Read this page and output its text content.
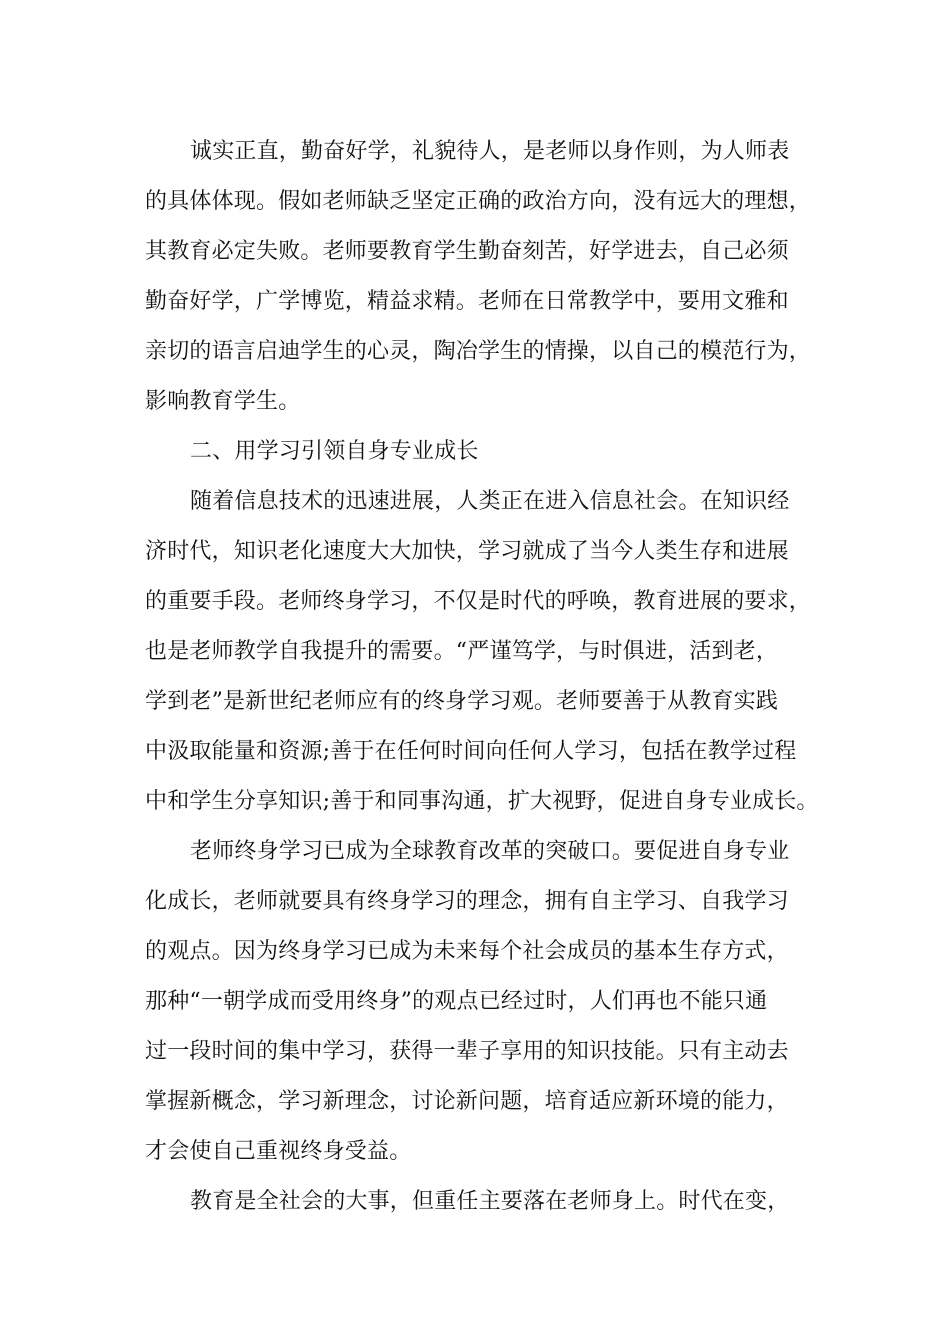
诚实正直，勤奋好学，礼貌待人，是老师以身作则，为人师表
的具体体现。假如老师缺乏坚定正确的政治方向，没有远大的理想，
其教育必定失败。老师要教育学生勤奋刻苦，好学进去，自己必须
勤奋好学，广学博览，精益求精。老师在日常教学中，要用文雅和
亲切的语言启迪学生的心灵，陶冶学生的情操，以自己的模范行为，
影响教育学生。
二、用学习引领自身专业成长
随着信息技术的迅速进展，人类正在进入信息社会。在知识经
济时代，知识老化速度大大加快，学习就成了当今人类生存和进展
的重要手段。老师终身学习，不仅是时代的呼唤，教育进展的要求，
也是老师教学自我提升的需要。“严谨笃学，与时俱进，活到老，
学到老”是新世纪老师应有的终身学习观。老师要善于从教育实践
中汲取能量和资源;善于在任何时间向任何人学习，包括在教学过程
中和学生分享知识;善于和同事沟通，扩大视野，促进自身专业成长。
老师终身学习已成为全球教育改革的突破口。要促进自身专业
化成长，老师就要具有终身学习的理念，拥有自主学习、自我学习
的观点。因为终身学习已成为未来每个社会成员的基本生存方式，
那种“一朝学成而受用终身”的观点已经过时，人们再也不能只通
过一段时间的集中学习，获得一辈子享用的知识技能。只有主动去
掌握新概念，学习新理念，讨论新问题，培育适应新环境的能力，
才会使自己重视终身受益。
教育是全社会的大事，但重任主要落在老师身上。时代在变，
